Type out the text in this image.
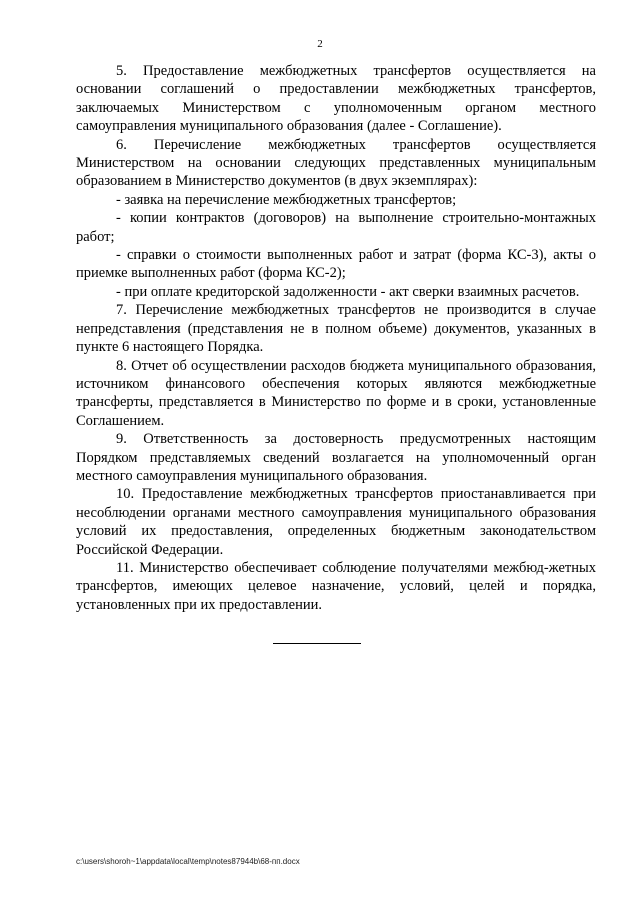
2

5. Предоставление межбюджетных трансфертов осуществляется на основании соглашений о предоставлении межбюджетных трансфертов, заключаемых Министерством с уполномоченным органом местного самоуправления муниципального образования (далее - Соглашение).

6. Перечисление межбюджетных трансфертов осуществляется Министерством на основании следующих представленных муниципальным образованием в Министерство документов (в двух экземплярах):

- заявка на перечисление межбюджетных трансфертов;

- копии контрактов (договоров) на выполнение строительно-монтажных работ;

- справки о стоимости выполненных работ и затрат (форма КС-3), акты о приемке выполненных работ (форма КС-2);

- при оплате кредиторской задолженности - акт сверки взаимных расчетов.

7. Перечисление межбюджетных трансфертов не производится в случае непредставления (представления не в полном объеме) документов, указанных в пункте 6 настоящего Порядка.

8. Отчет об осуществлении расходов бюджета муниципального образования, источником финансового обеспечения которых являются межбюджетные трансферты, представляется в Министерство по форме и в сроки, установленные Соглашением.

9. Ответственность за достоверность предусмотренных настоящим Порядком представляемых сведений возлагается на уполномоченный орган местного самоуправления муниципального образования.

10. Предоставление межбюджетных трансфертов приостанавливается при несоблюдении органами местного самоуправления муниципального образования условий их предоставления, определенных бюджетным законодательством Российской Федерации.

11. Министерство обеспечивает соблюдение получателями межбюд-жетных трансфертов, имеющих целевое назначение, условий, целей и порядка, установленных при их предоставлении.

c:\users\shoroh~1\appdata\local\temp\notes87944b\68-пп.docx
